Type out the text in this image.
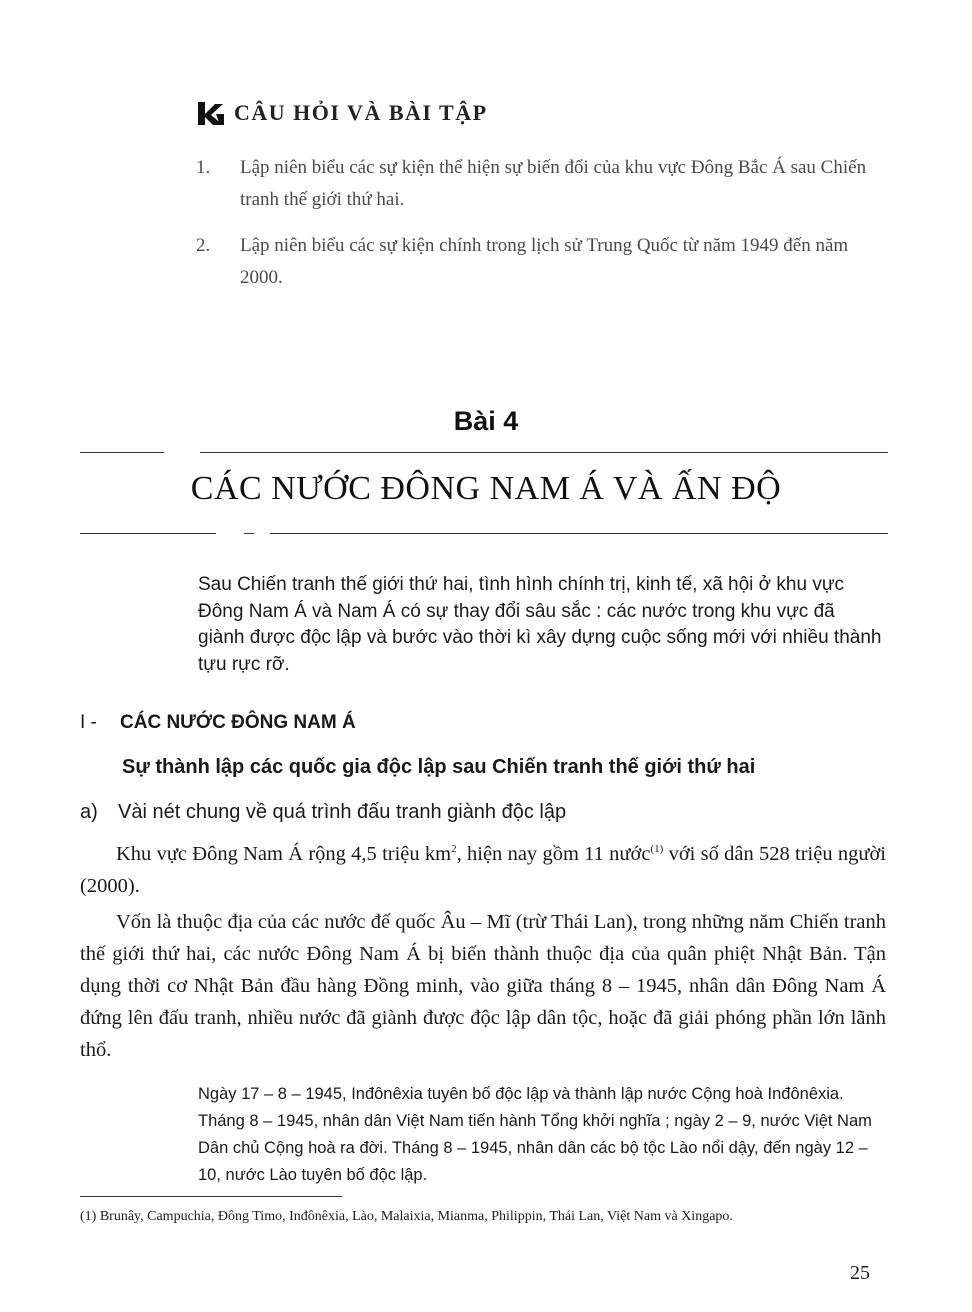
CÂU HỎI VÀ BÀI TẬP
1.	Lập niên biểu các sự kiện thể hiện sự biến đổi của khu vực Đông Bắc Á sau Chiến tranh thế giới thứ hai.
2.	Lập niên biểu các sự kiện chính trong lịch sử Trung Quốc từ năm 1949 đến năm 2000.
Bài 4
CÁC NƯỚC ĐÔNG NAM Á VÀ ẤN ĐỘ
Sau Chiến tranh thế giới thứ hai, tình hình chính trị, kinh tế, xã hội ở khu vực Đông Nam Á và Nam Á có sự thay đổi sâu sắc : các nước trong khu vực đã giành được độc lập và bước vào thời kì xây dựng cuộc sống mới với nhiều thành tựu rực rỡ.
I - CÁC NƯỚC ĐÔNG NAM Á
Sự thành lập các quốc gia độc lập sau Chiến tranh thế giới thứ hai
a) Vài nét chung về quá trình đấu tranh giành độc lập
Khu vực Đông Nam Á rộng 4,5 triệu $km^2$, hiện nay gồm 11 nước$^{(1)}$ với số dân 528 triệu người (2000).
Vốn là thuộc địa của các nước đế quốc Âu – Mĩ (trừ Thái Lan), trong những năm Chiến tranh thế giới thứ hai, các nước Đông Nam Á bị biến thành thuộc địa của quân phiệt Nhật Bản. Tận dụng thời cơ Nhật Bản đầu hàng Đồng minh, vào giữa tháng 8 – 1945, nhân dân Đông Nam Á đứng lên đấu tranh, nhiều nước đã giành được độc lập dân tộc, hoặc đã giải phóng phần lớn lãnh thổ.
Ngày 17 – 8 – 1945, Inđônêxia tuyên bố độc lập và thành lập nước Cộng hoà Inđônêxia. Tháng 8 – 1945, nhân dân Việt Nam tiến hành Tổng khởi nghĩa ; ngày 2 – 9, nước Việt Nam Dân chủ Cộng hoà ra đời. Tháng 8 – 1945, nhân dân các bộ tộc Lào nổi dậy, đến ngày 12 – 10, nước Lào tuyên bố độc lập.
(1) Brunây, Campuchia, Đông Timo, Inđônêxia, Lào, Malaixia, Mianma, Philippin, Thái Lan, Việt Nam và Xingapo.
25
